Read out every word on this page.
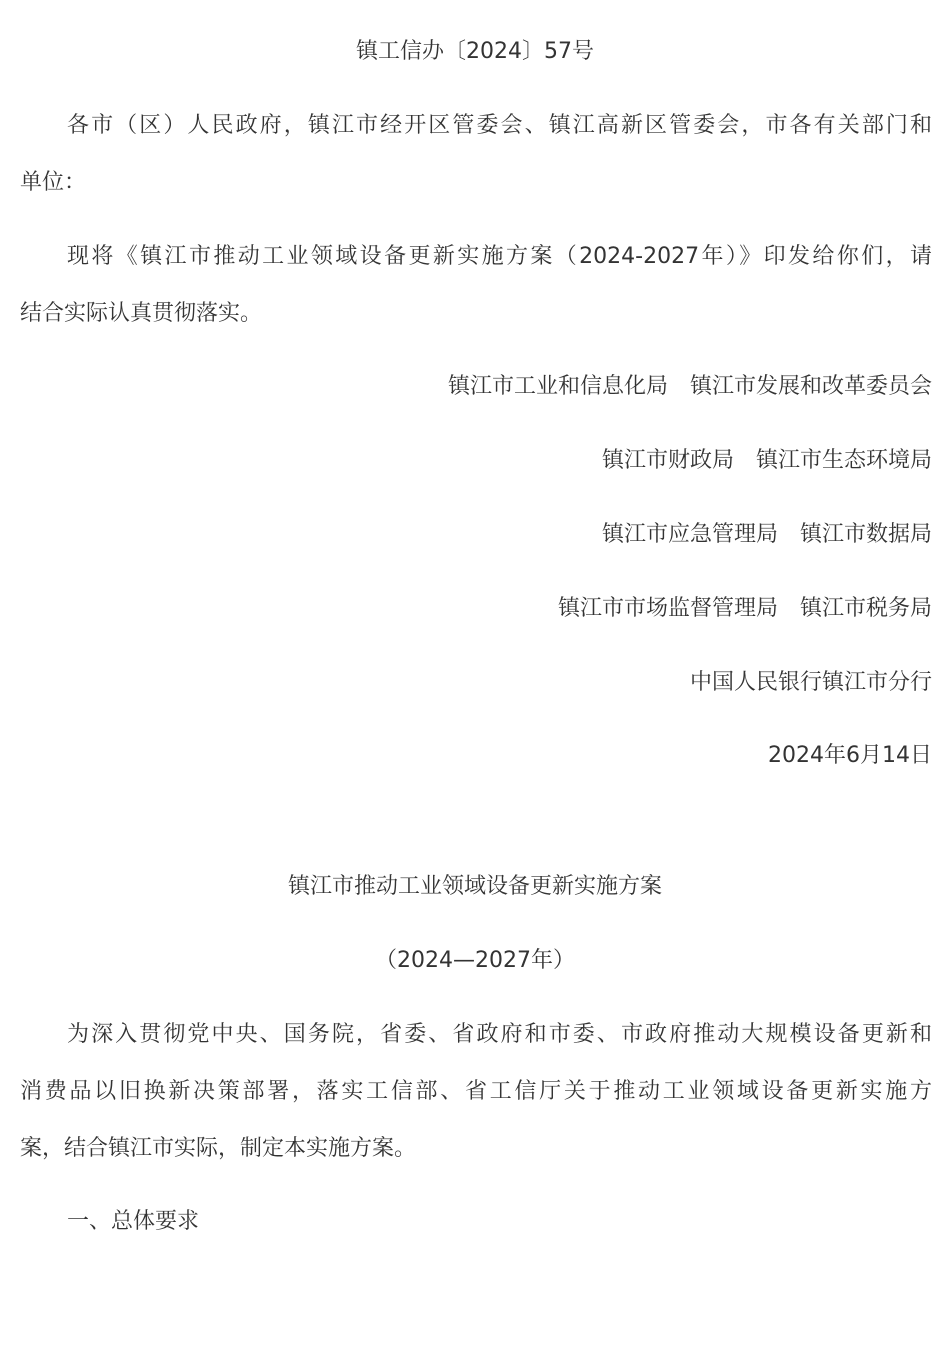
镇工信办〔2024〕57号
各市（区）人民政府，镇江市经开区管委会、镇江高新区管委会，市各有关部门和
单位：
现将《镇江市推动工业领域设备更新实施方案（2024-2027年）》印发给你们，请
结合实际认真贯彻落实。
镇江市工业和信息化局 镇江市发展和改革委员会
镇江市财政局 镇江市生态环境局
镇江市应急管理局 镇江市数据局
镇江市市场监督管理局 镇江市税务局
中国人民银行镇江市分行
2024年6月14日
镇江市推动工业领域设备更新实施方案
（2024—2027年）
为深入贯彻党中央、国务院，省委、省政府和市委、市政府推动大规模设备更新和
消费品以旧换新决策部署，落实工信部、省工信厅关于推动工业领域设备更新实施方
案，结合镇江市实际，制定本实施方案。
一、总体要求
